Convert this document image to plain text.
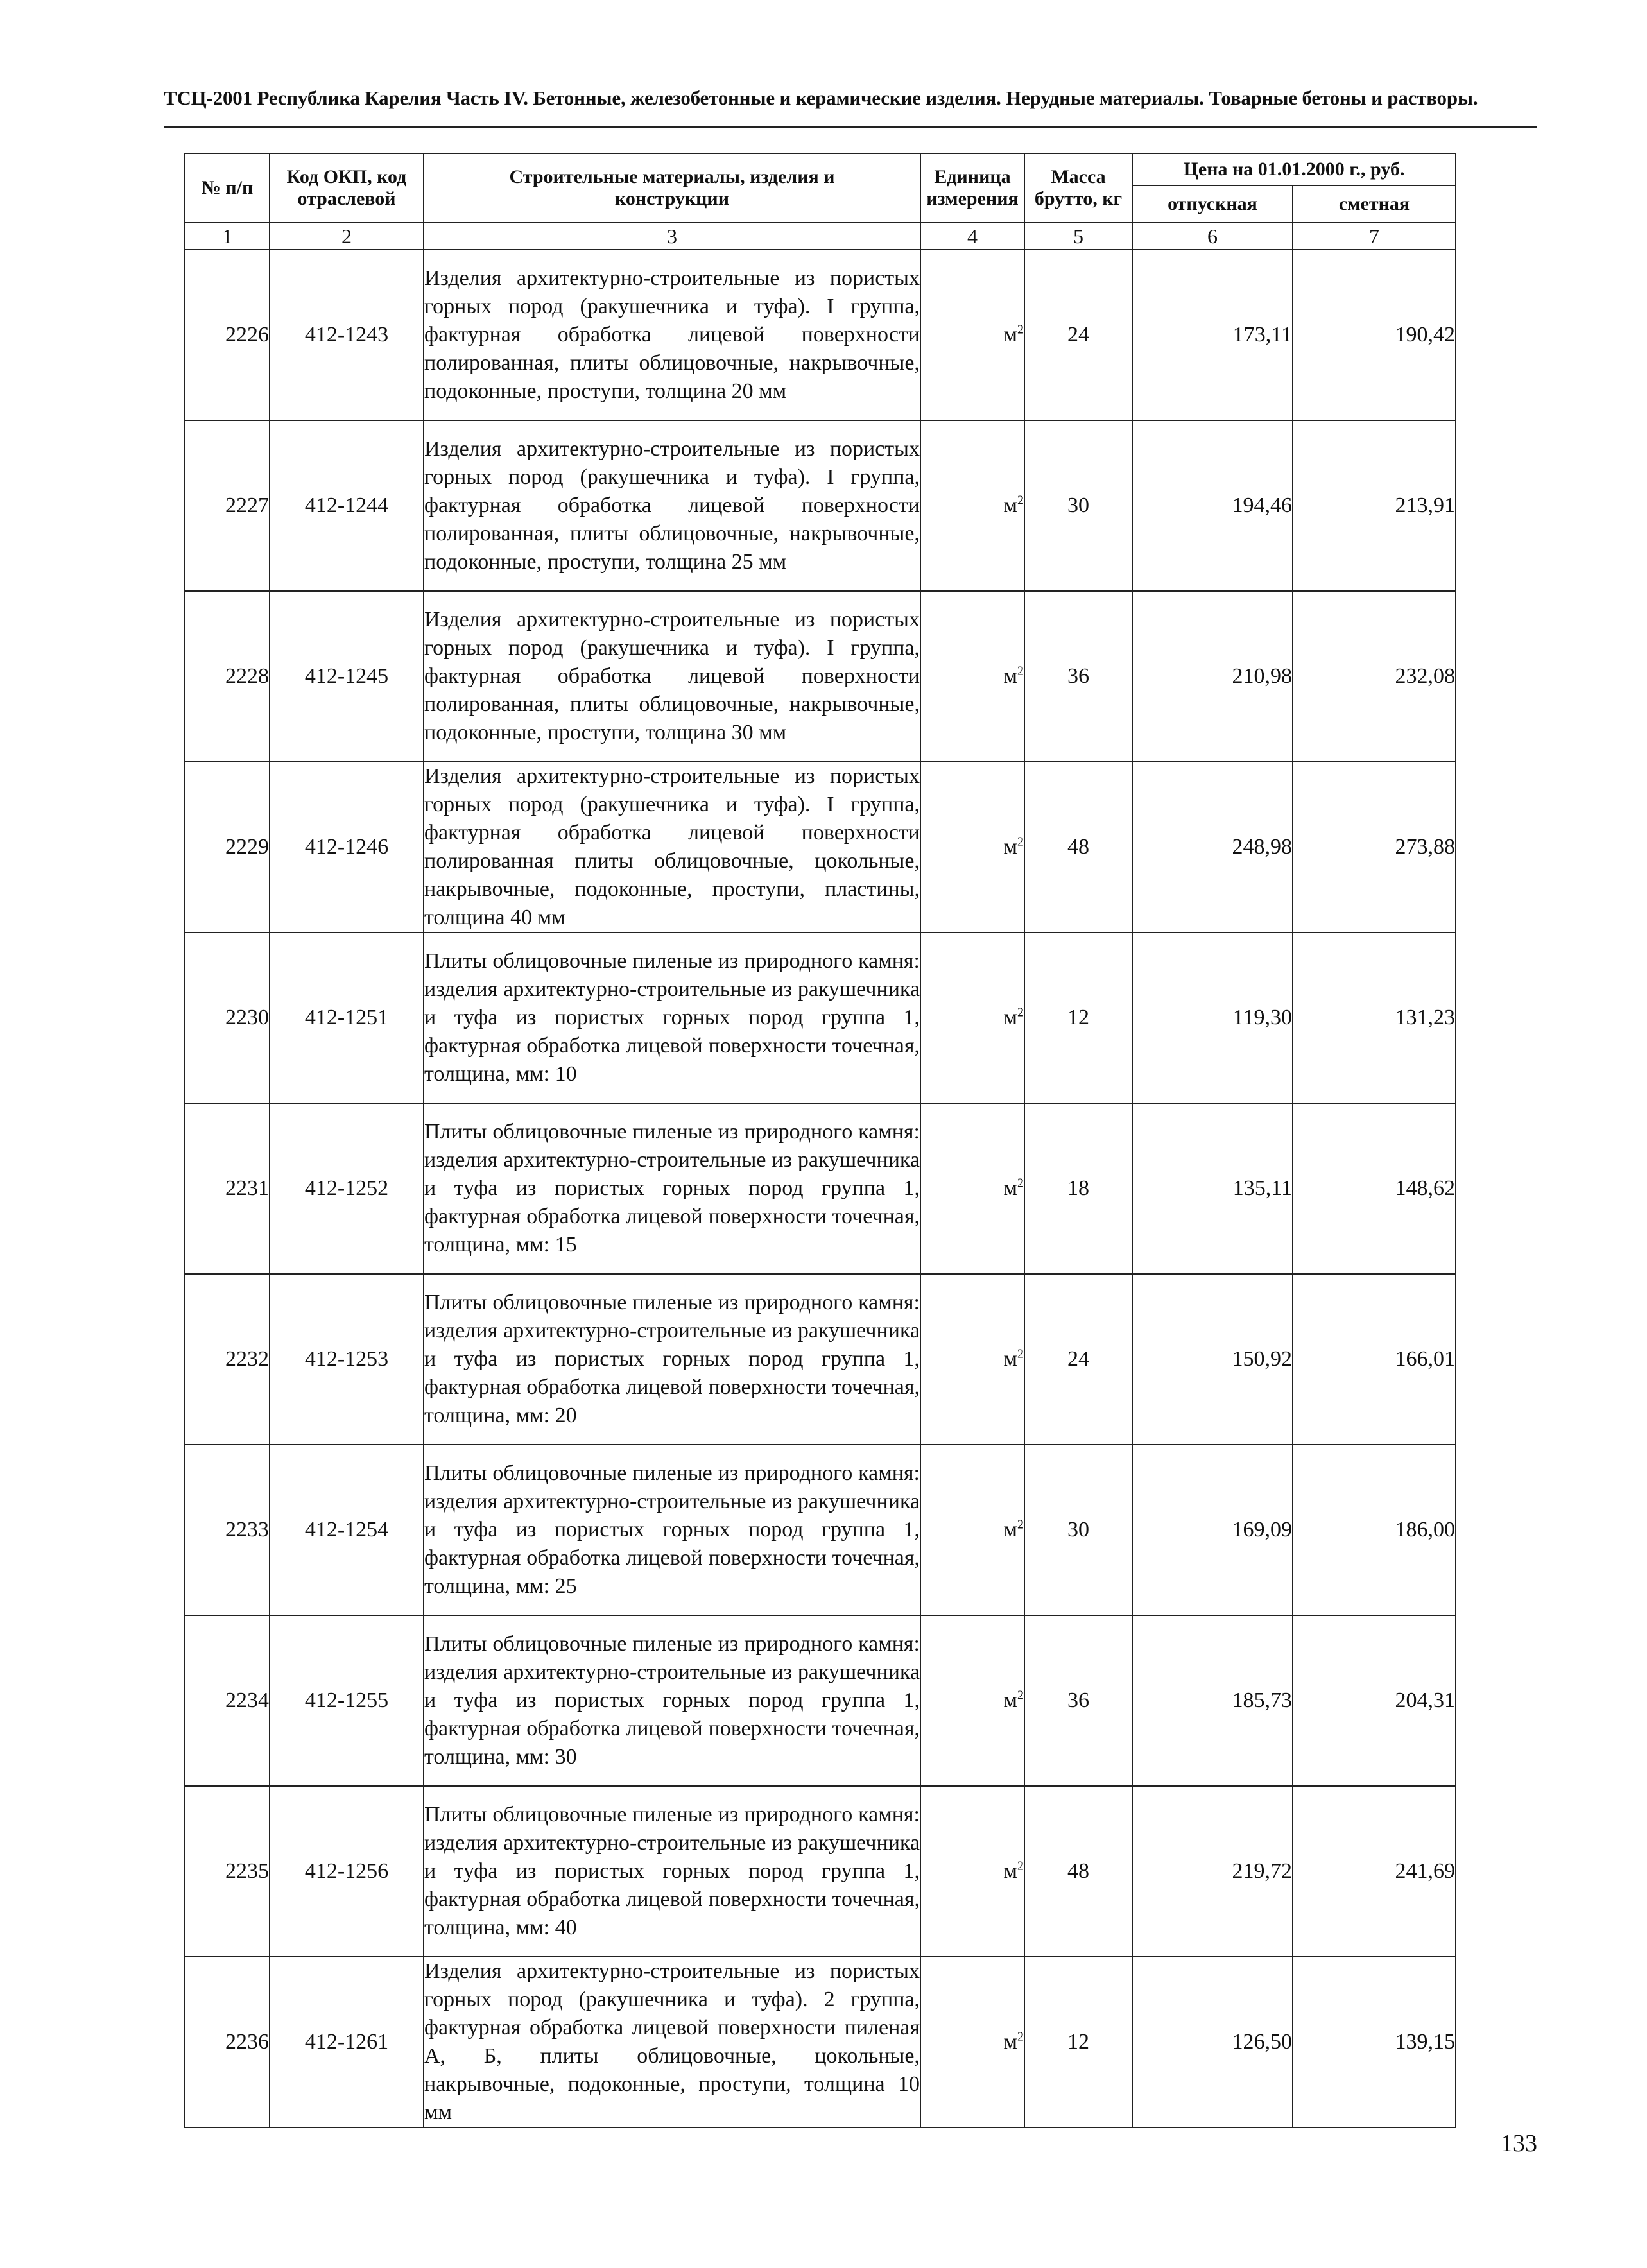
ТСЦ-2001 Республика Карелия Часть IV. Бетонные, железобетонные и керамические изделия. Нерудные материалы. Товарные бетоны и растворы.
№ п/п	Код ОКП, код отраслевой	Строительные материалы, изделия и конструкции	Единица измерения	Масса брутто, кг	Цена на 01.01.2000 г., руб.	
					отпускная	сметная
1	2	3	4	5	6	7
2226	412-1243	Изделия архитектурно-строительные из пористых горных пород (ракушечника и туфа). I группа, фактурная обработка лицевой поверхности полированная, плиты облицовочные, накрывочные, подоконные, проступи, толщина 20 мм	$м^2$	24	173,11	190,42
2227	412-1244	Изделия архитектурно-строительные из пористых горных пород (ракушечника и туфа). I группа, фактурная обработка лицевой поверхности полированная, плиты облицовочные, накрывочные, подоконные, проступи, толщина 25 мм	$м^2$	30	194,46	213,91
2228	412-1245	Изделия архитектурно-строительные из пористых горных пород (ракушечника и туфа). I группа, фактурная обработка лицевой поверхности полированная, плиты облицовочные, накрывочные, подоконные, проступи, толщина 30 мм	$м^2$	36	210,98	232,08
2229	412-1246	Изделия архитектурно-строительные из пористых горных пород (ракушечника и туфа). I группа, фактурная обработка лицевой поверхности полированная плиты облицовочные, цокольные, накрывочные, подоконные, проступи, пластины, толщина 40 мм	$м^2$	48	248,98	273,88
2230	412-1251	Плиты облицовочные пиленые из природного камня: изделия архитектурно-строительные из ракушечника и туфа из пористых горных пород группа 1, фактурная обработка лицевой поверхности точечная, толщина, мм: 10	$м^2$	12	119,30	131,23
2231	412-1252	Плиты облицовочные пиленые из природного камня: изделия архитектурно-строительные из ракушечника и туфа из пористых горных пород группа 1, фактурная обработка лицевой поверхности точечная, толщина, мм: 15	$м^2$	18	135,11	148,62
2232	412-1253	Плиты облицовочные пиленые из природного камня: изделия архитектурно-строительные из ракушечника и туфа из пористых горных пород группа 1, фактурная обработка лицевой поверхности точечная, толщина, мм: 20	$м^2$	24	150,92	166,01
2233	412-1254	Плиты облицовочные пиленые из природного камня: изделия архитектурно-строительные из ракушечника и туфа из пористых горных пород группа 1, фактурная обработка лицевой поверхности точечная, толщина, мм: 25	$м^2$	30	169,09	186,00
2234	412-1255	Плиты облицовочные пиленые из природного камня: изделия архитектурно-строительные из ракушечника и туфа из пористых горных пород группа 1, фактурная обработка лицевой поверхности точечная, толщина, мм: 30	$м^2$	36	185,73	204,31
2235	412-1256	Плиты облицовочные пиленые из природного камня: изделия архитектурно-строительные из ракушечника и туфа из пористых горных пород группа 1, фактурная обработка лицевой поверхности точечная, толщина, мм: 40	$м^2$	48	219,72	241,69
2236	412-1261	Изделия архитектурно-строительные из пористых горных пород (ракушечника и туфа). 2 группа, фактурная обработка лицевой поверхности пиленая А, Б, плиты облицовочные, цокольные, накрывочные, подоконные, проступи, толщина 10 мм	$м^2$	12	126,50	139,15
133
